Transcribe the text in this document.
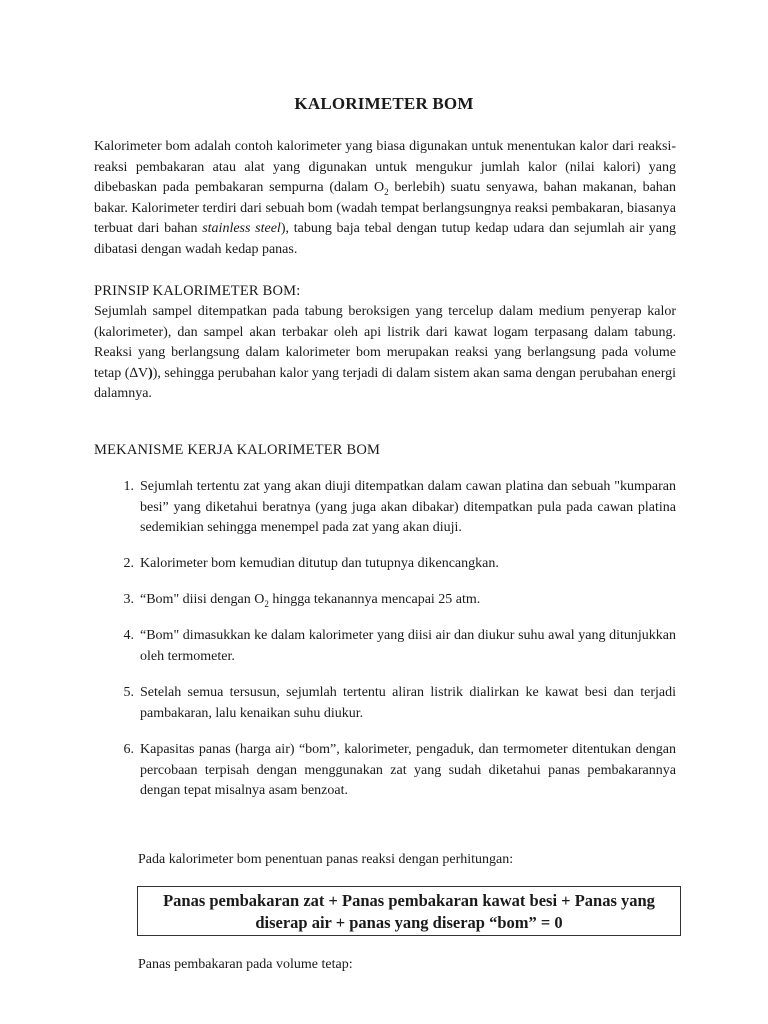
KALORIMETER BOM

Kalorimeter bom adalah contoh kalorimeter yang biasa digunakan untuk menentukan kalor dari reaksi-reaksi pembakaran atau alat yang digunakan untuk mengukur jumlah kalor (nilai kalori) yang dibebaskan pada pembakaran sempurna (dalam $O_2$ berlebih) suatu senyawa, bahan makanan, bahan bakar. Kalorimeter terdiri dari sebuah bom (wadah tempat berlangsungnya reaksi pembakaran, biasanya terbuat dari bahan stainless steel), tabung baja tebal dengan tutup kedap udara dan sejumlah air yang dibatasi dengan wadah kedap panas.

PRINSIP KALORIMETER BOM:

Sejumlah sampel ditempatkan pada tabung beroksigen yang tercelup dalam medium penyerap kalor (kalorimeter), dan sampel akan terbakar oleh api listrik dari kawat logam terpasang dalam tabung. Reaksi yang berlangsung dalam kalorimeter bom merupakan reaksi yang berlangsung pada volume tetap (∆V)), sehingga perubahan kalor yang terjadi di dalam sistem akan sama dengan perubahan energi dalamnya.

MEKANISME KERJA KALORIMETER BOM

1. Sejumlah tertentu zat yang akan diuji ditempatkan dalam cawan platina dan sebuah "kumparan besi” yang diketahui beratnya (yang juga akan dibakar) ditempatkan pula pada cawan platina sedemikian sehingga menempel pada zat yang akan diuji.
2. Kalorimeter bom kemudian ditutup dan tutupnya dikencangkan.
3. “Bom" diisi dengan $O_2$ hingga tekanannya mencapai 25 atm.
4. “Bom" dimasukkan ke dalam kalorimeter yang diisi air dan diukur suhu awal yang ditunjukkan oleh termometer.
5. Setelah semua tersusun, sejumlah tertentu aliran listrik dialirkan ke kawat besi dan terjadi pambakaran, lalu kenaikan suhu diukur.
6. Kapasitas panas (harga air) “bom”, kalorimeter, pengaduk, dan termometer ditentukan dengan percobaan terpisah dengan menggunakan zat yang sudah diketahui panas pembakarannya dengan tepat misalnya asam benzoat.

Pada kalorimeter bom penentuan panas reaksi dengan perhitungan:

Panas pembakaran zat + Panas pembakaran kawat besi + Panas yang
diserap air + panas yang diserap “bom” = 0

Panas pembakaran pada volume tetap:
